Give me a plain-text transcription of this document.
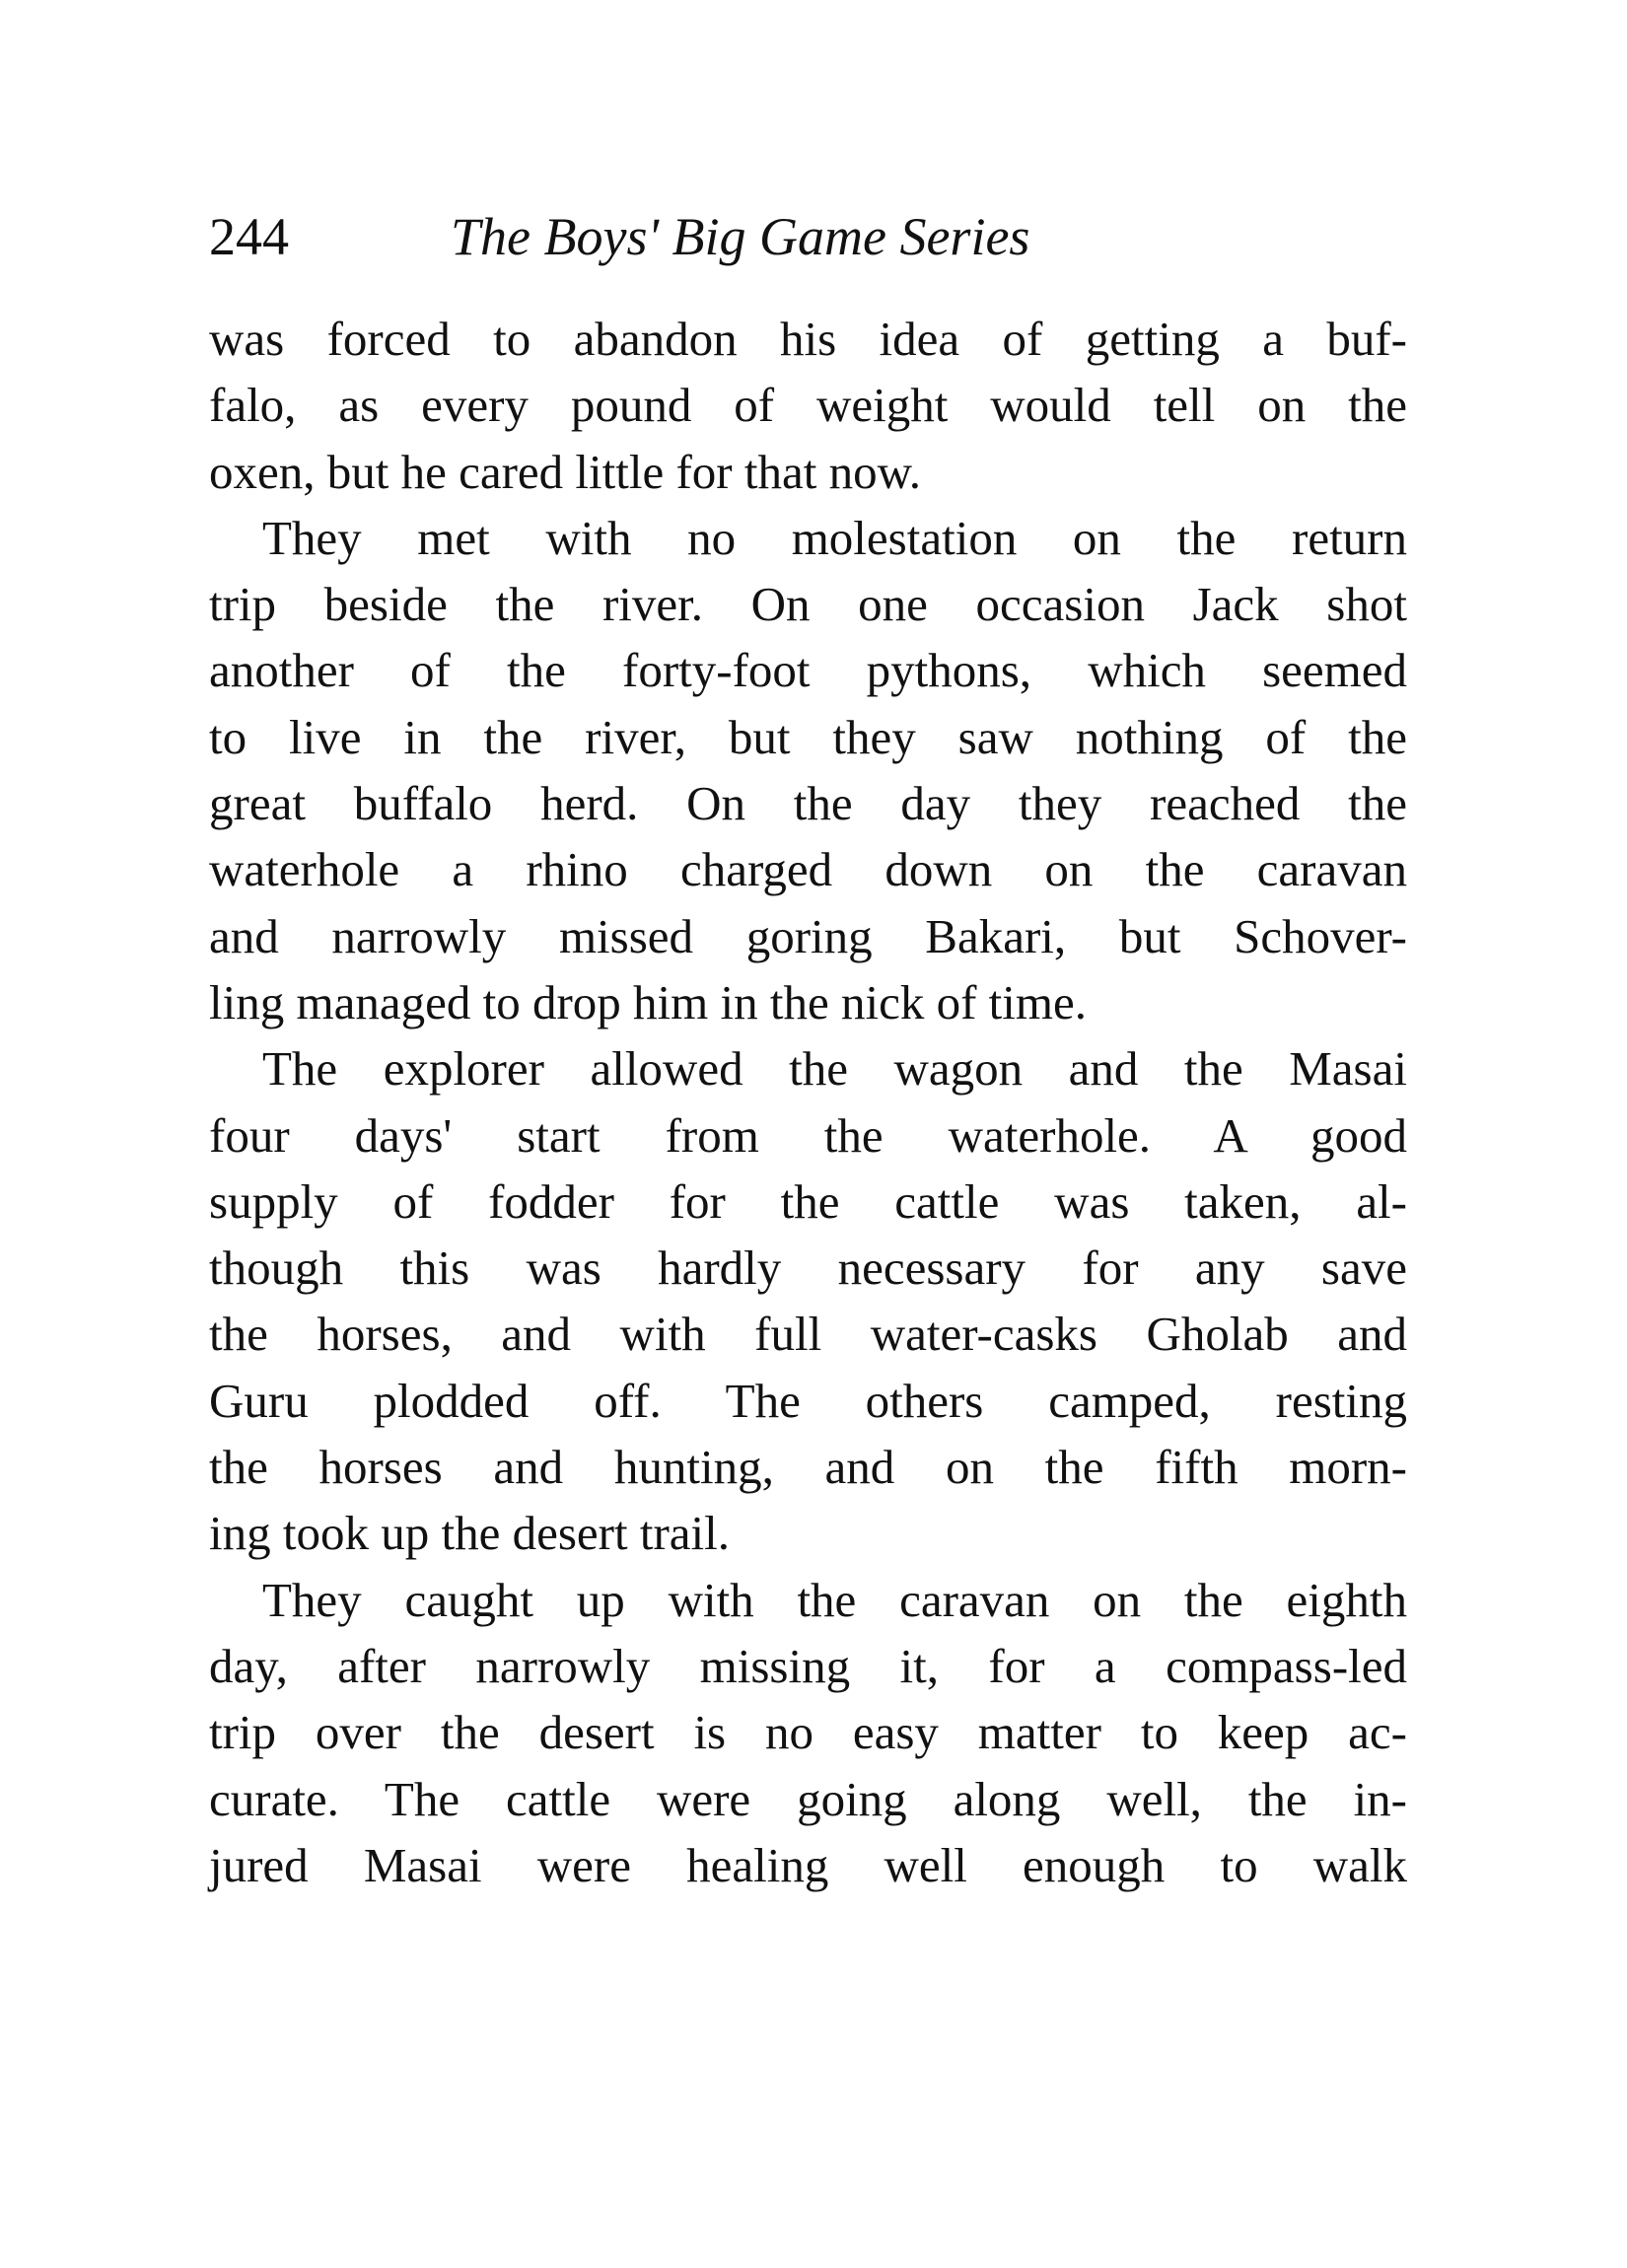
244	The Boys' Big Game Series
was forced to abandon his idea of getting a buf-
falo, as every pound of weight would tell on the
oxen, but he cared little for that now.
They met with no molestation on the return
trip beside the river. On one occasion Jack shot
another of the forty-foot pythons, which seemed
to live in the river, but they saw nothing of the
great buffalo herd. On the day they reached the
waterhole a rhino charged down on the caravan
and narrowly missed goring Bakari, but Schover-
ling managed to drop him in the nick of time.
The explorer allowed the wagon and the Masai
four days' start from the waterhole. A good
supply of fodder for the cattle was taken, al-
though this was hardly necessary for any save
the horses, and with full water-casks Gholab and
Guru plodded off. The others camped, resting
the horses and hunting, and on the fifth morn-
ing took up the desert trail.
They caught up with the caravan on the eighth
day, after narrowly missing it, for a compass-led
trip over the desert is no easy matter to keep ac-
curate. The cattle were going along well, the in-
jured Masai were healing well enough to walk
